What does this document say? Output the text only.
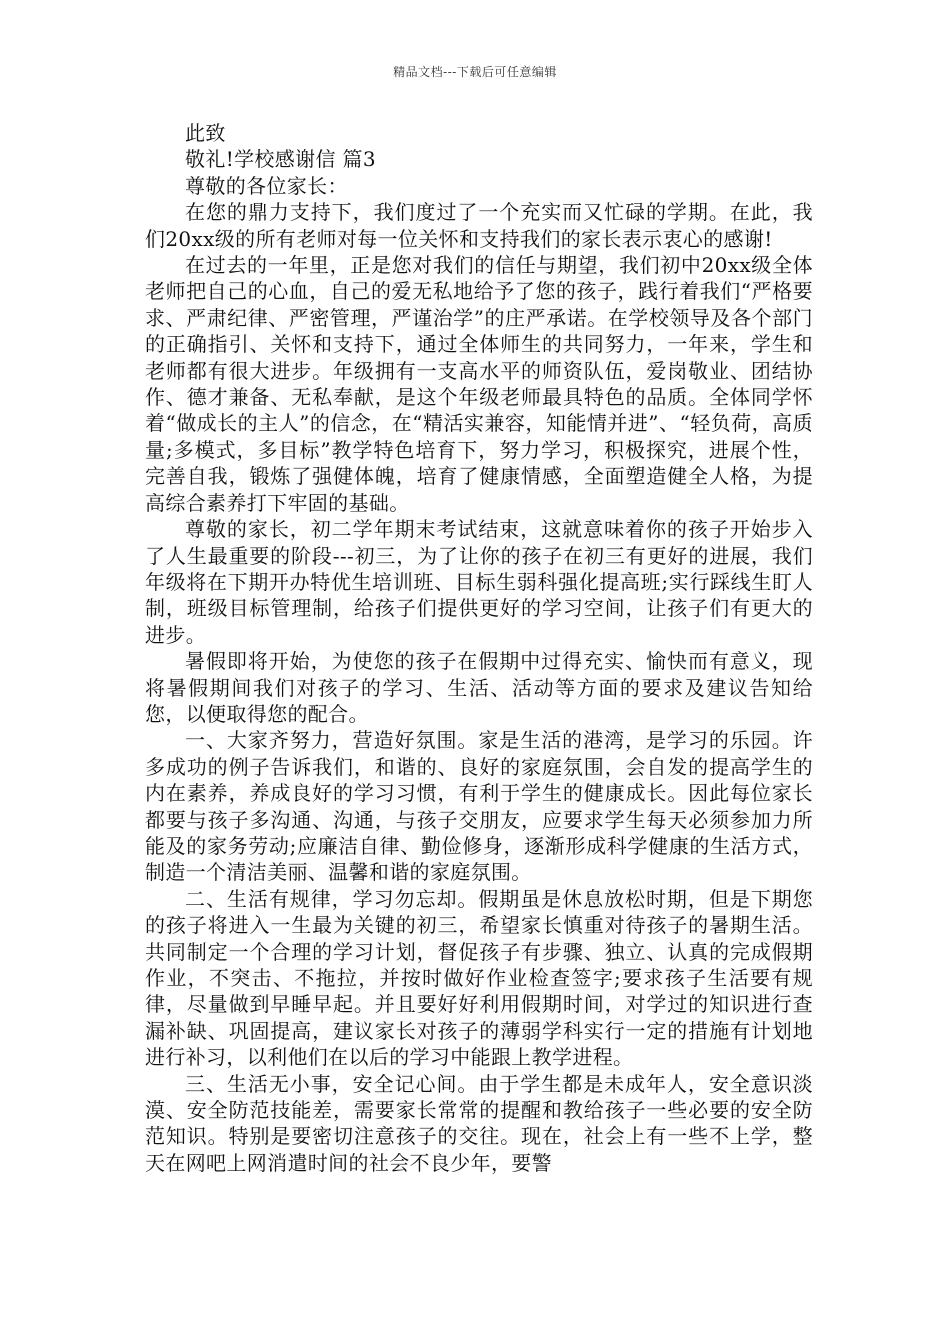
精品文档---下载后可任意编辑

此致

敬礼!学校感谢信 篇3

尊敬的各位家长：

在您的鼎力支持下，我们度过了一个充实而又忙碌的学期。在此，我们20xx级的所有老师对每一位关怀和支持我们的家长表示衷心的感谢!

在过去的一年里，正是您对我们的信任与期望，我们初中20xx级全体老师把自己的心血，自己的爱无私地给予了您的孩子，践行着我们“严格要求、严肃纪律、严密管理，严谨治学”的庄严承诺。在学校领导及各个部门的正确指引、关怀和支持下，通过全体师生的共同努力，一年来，学生和老师都有很大进步。年级拥有一支高水平的师资队伍，爱岗敬业、团结协作、德才兼备、无私奉献，是这个年级老师最具特色的品质。全体同学怀着“做成长的主人”的信念，在“精活实兼容，知能情并进”、“轻负荷，高质量;多模式，多目标”教学特色培育下，努力学习，积极探究，进展个性，完善自我，锻炼了强健体魄，培育了健康情感，全面塑造健全人格，为提高综合素养打下牢固的基础。

尊敬的家长，初二学年期末考试结束，这就意味着你的孩子开始步入了人生最重要的阶段---初三，为了让你的孩子在初三有更好的进展，我们年级将在下期开办特优生培训班、目标生弱科强化提高班;实行踩线生盯人制，班级目标管理制，给孩子们提供更好的学习空间，让孩子们有更大的进步。

暑假即将开始，为使您的孩子在假期中过得充实、愉快而有意义，现将暑假期间我们对孩子的学习、生活、活动等方面的要求及建议告知给您，以便取得您的配合。

一、大家齐努力，营造好氛围。家是生活的港湾，是学习的乐园。许多成功的例子告诉我们，和谐的、良好的家庭氛围，会自发的提高学生的内在素养，养成良好的学习习惯，有利于学生的健康成长。因此每位家长都要与孩子多沟通、沟通，与孩子交朋友，应要求学生每天必须参加力所能及的家务劳动;应廉洁自律、勤俭修身，逐渐形成科学健康的生活方式，制造一个清洁美丽、温馨和谐的家庭氛围。

二、生活有规律，学习勿忘却。假期虽是休息放松时期，但是下期您的孩子将进入一生最为关键的初三，希望家长慎重对待孩子的暑期生活。共同制定一个合理的学习计划，督促孩子有步骤、独立、认真的完成假期作业，不突击、不拖拉，并按时做好作业检查签字;要求孩子生活要有规律，尽量做到早睡早起。并且要好好利用假期时间，对学过的知识进行查漏补缺、巩固提高，建议家长对孩子的薄弱学科实行一定的措施有计划地进行补习，以利他们在以后的学习中能跟上教学进程。

三、生活无小事，安全记心间。由于学生都是未成年人，安全意识淡漠、安全防范技能差，需要家长常常的提醒和教给孩子一些必要的安全防范知识。特别是要密切注意孩子的交往。现在，社会上有一些不上学，整天在网吧上网消遣时间的社会不良少年，要警
